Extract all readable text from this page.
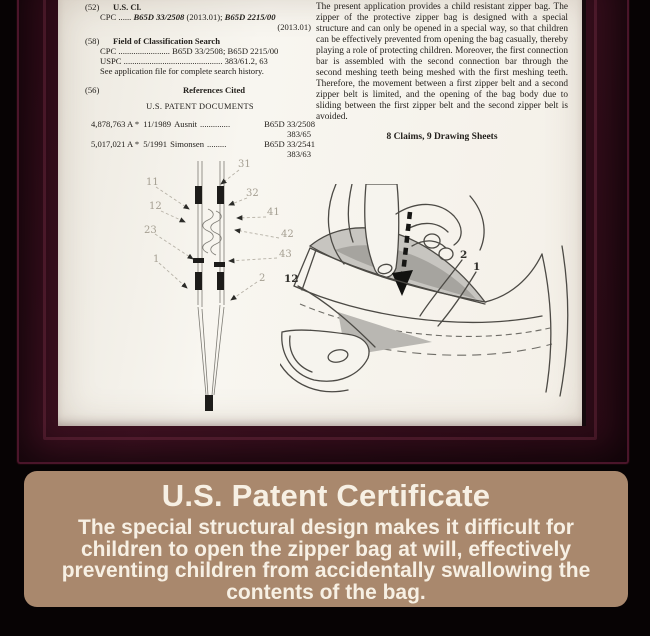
(52)	U.S. Cl.
CPC ...... B65D 33/2508 (2013.01); B65D 2215/00
(2013.01)
(58)	Field of Classification Search
CPC ........................ B65D 33/2508; B65D 2215/00
USPC .............................................. 383/61.2, 63
See application file for complete search history.
(56)	References Cited
U.S. PATENT DOCUMENTS
4,878,763 A * 11/1989 Ausnit ..............	B65D 33/2508
383/65
5,017,021 A * 5/1991 Simonsen .........	B65D 33/2541
383/63

The present application provides a child resistant zipper bag. The zipper of the protective zipper bag is designed with a special structure and can only be opened in a special way, so that children can be effectively prevented from opening the bag casually, thereby playing a role of protecting children. Moreover, the first connection bar is assembled with the second connection bar through the second meshing teeth being meshed with the first meshing teeth. Therefore, the movement between a first zipper belt and a second zipper belt is limited, and the opening of the bag body due to sliding between the first zipper belt and the second zipper belt is avoided.

8 Claims, 9 Drawing Sheets
31
32
41
42
43
11
12
23
1
2 12
2
1
U.S. Patent Certificate
The special structural design makes it difficult for
children to open the zipper bag at will, effectively
preventing children from accidentally swallowing the
contents of the bag.
